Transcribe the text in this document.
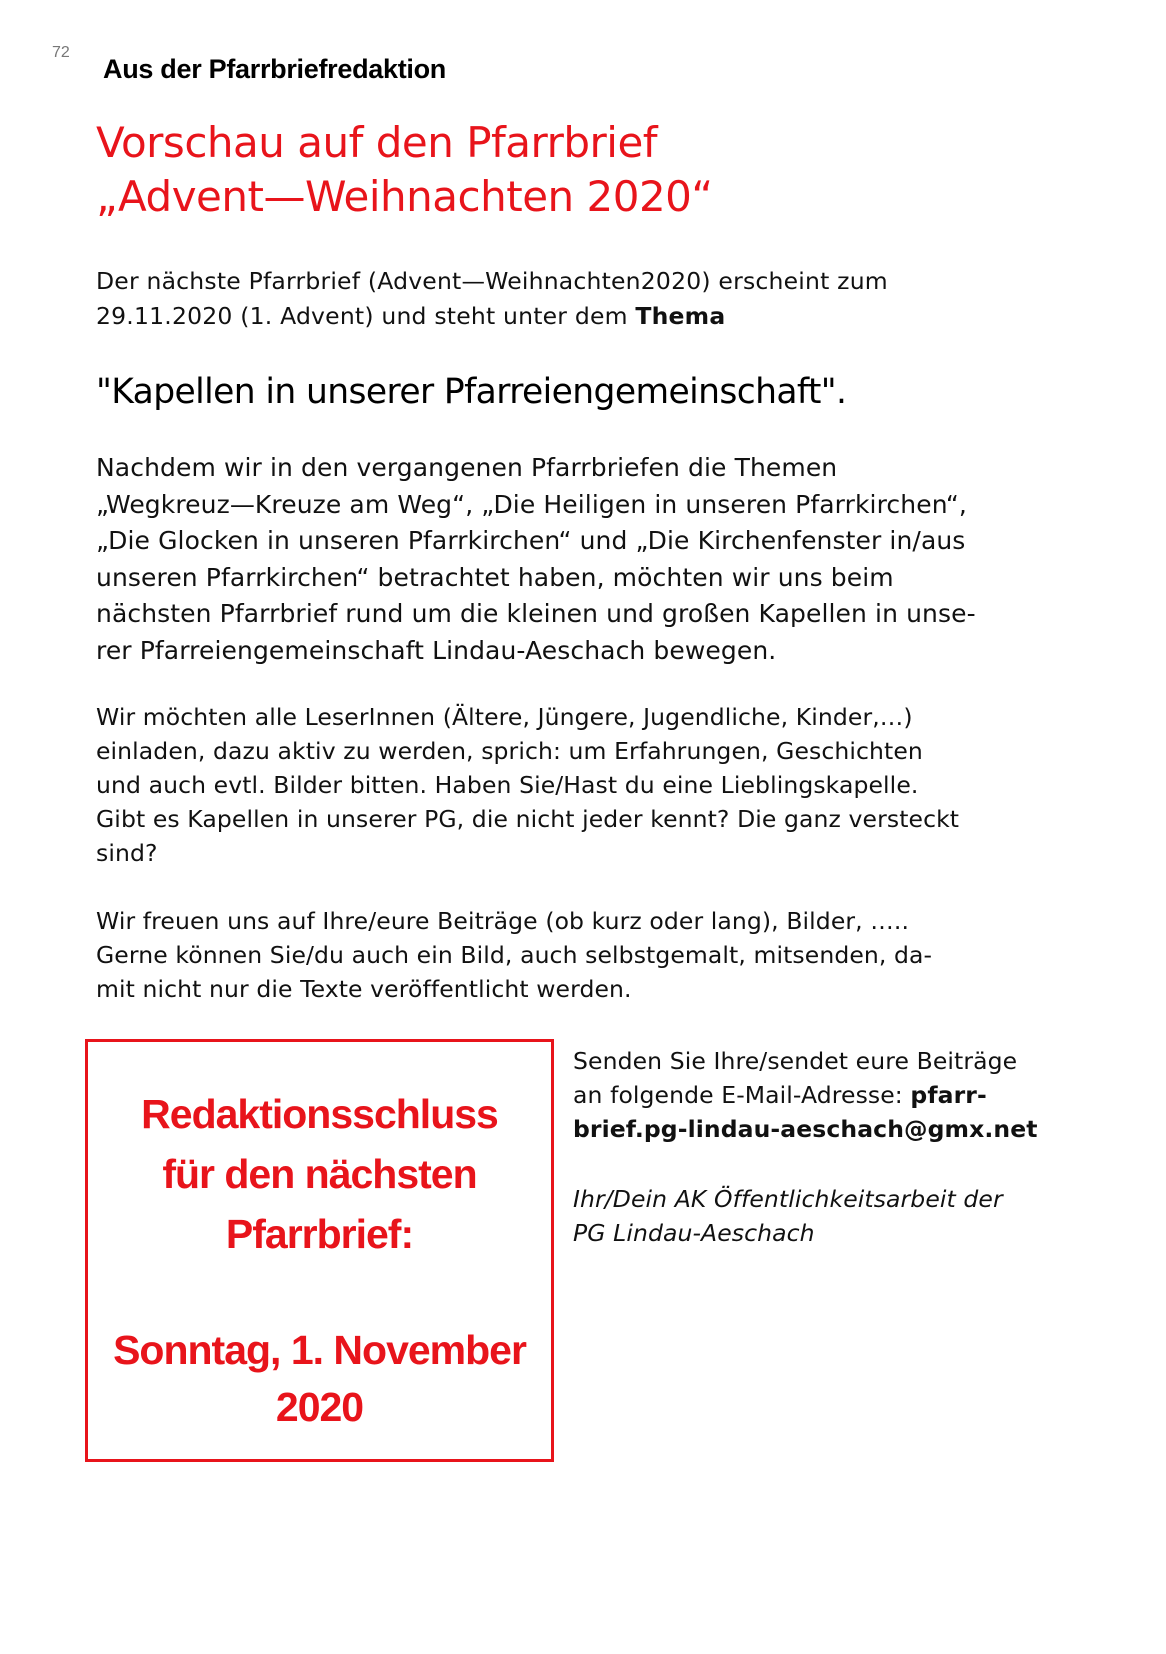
72
Aus der Pfarrbriefredaktion
Vorschau auf den Pfarrbrief
„Advent—Weihnachten 2020“

Der nächste Pfarrbrief (Advent—Weihnachten2020) erscheint zum
29.11.2020 (1. Advent) und steht unter dem Thema

"Kapellen in unserer Pfarreiengemeinschaft".

Nachdem wir in den vergangenen Pfarrbriefen die Themen
„Wegkreuz—Kreuze am Weg“, „Die Heiligen in unseren Pfarrkirchen“,
„Die Glocken in unseren Pfarrkirchen“ und „Die Kirchenfenster in/aus
unseren Pfarrkirchen“ betrachtet haben, möchten wir uns beim
nächsten Pfarrbrief rund um die kleinen und großen Kapellen in unse-
rer Pfarreiengemeinschaft Lindau-Aeschach bewegen.

Wir möchten alle LeserInnen (Ältere, Jüngere, Jugendliche, Kinder,…)
einladen, dazu aktiv zu werden, sprich: um Erfahrungen, Geschichten
und auch evtl. Bilder bitten. Haben Sie/Hast du eine Lieblingskapelle.
Gibt es Kapellen in unserer PG, die nicht jeder kennt? Die ganz versteckt
sind?

Wir freuen uns auf Ihre/eure Beiträge (ob kurz oder lang), Bilder, …..
Gerne können Sie/du auch ein Bild, auch selbstgemalt, mitsenden, da-
mit nicht nur die Texte veröffentlicht werden.

Redaktionsschluss
für den nächsten
Pfarrbrief:
Sonntag, 1. November
2020

Senden Sie Ihre/sendet eure Beiträge
an folgende E-Mail-Adresse: pfarr-
brief.pg-lindau-aeschach@gmx.net

Ihr/Dein AK Öffentlichkeitsarbeit der
PG Lindau-Aeschach
